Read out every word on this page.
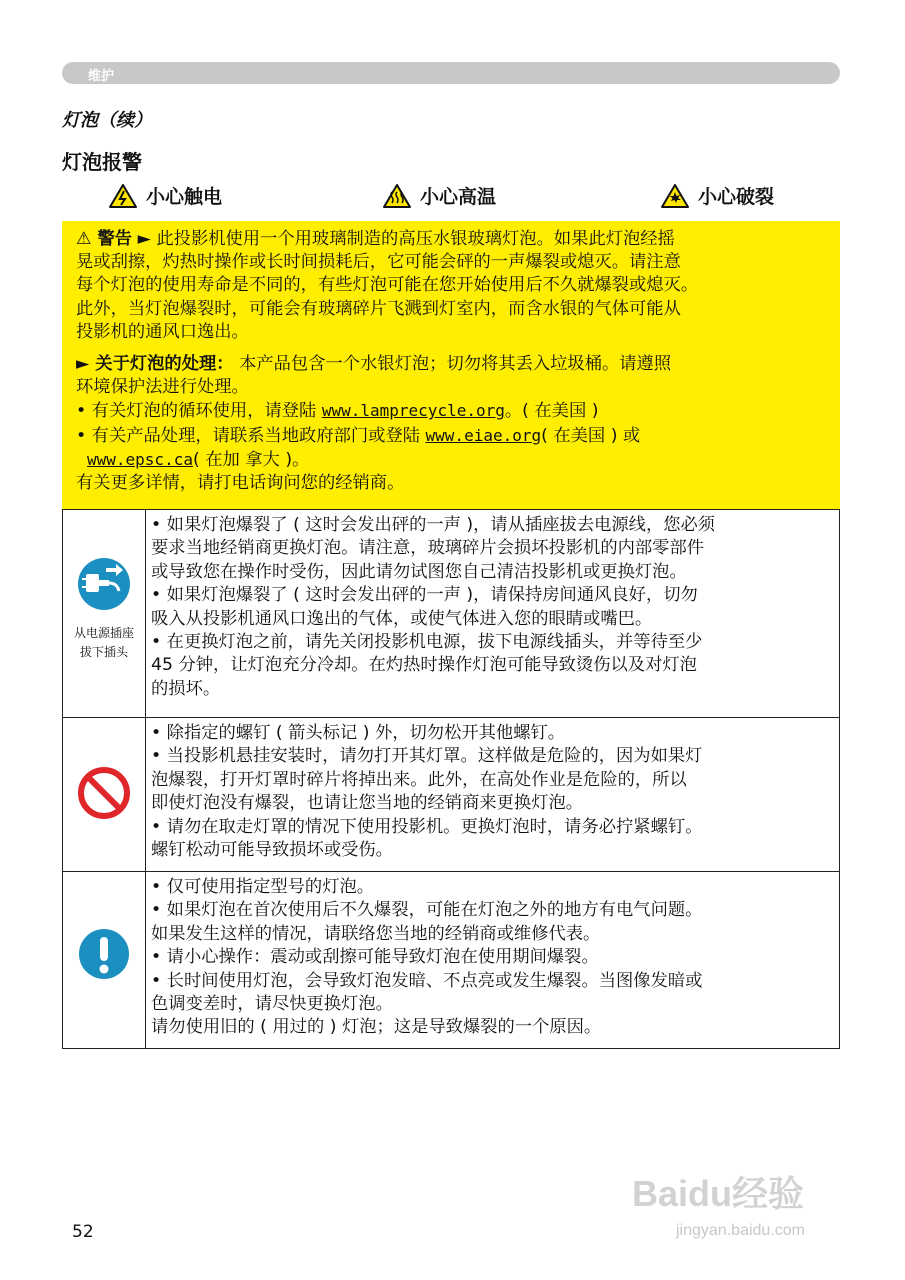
维护
灯泡（续）
灯泡报警
小心触电	小心高温	小心破裂

⚠ 警告 ► 此投影机使用一个用玻璃制造的高压水银玻璃灯泡。如果此灯泡经摇
晃或刮擦，灼热时操作或长时间损耗后，它可能会砰的一声爆裂或熄灭。请注意
每个灯泡的使用寿命是不同的，有些灯泡可能在您开始使用后不久就爆裂或熄灭。
此外，当灯泡爆裂时，可能会有玻璃碎片飞溅到灯室内，而含水银的气体可能从
投影机的通风口逸出。

► 关于灯泡的处理： 本产品包含一个水银灯泡；切勿将其丢入垃圾桶。请遵照
环境保护法进行处理。
• 有关灯泡的循环使用，请登陆 www.lamprecycle.org。( 在美国 )
• 有关产品处理，请联系当地政府部门或登陆 www.eiae.org( 在美国 ) 或
www.epsc.ca( 在加 拿大 )。
有关更多详情，请打电话询问您的经销商。

从电源插座
拔下插头

• 如果灯泡爆裂了 ( 这时会发出砰的一声 )，请从插座拔去电源线，您必须

要求当地经销商更换灯泡。请注意，玻璃碎片会损坏投影机的内部零部件

或导致您在操作时受伤，因此请勿试图您自己清洁投影机或更换灯泡。

• 如果灯泡爆裂了 ( 这时会发出砰的一声 )，请保持房间通风良好，切勿

吸入从投影机通风口逸出的气体，或使气体进入您的眼睛或嘴巴。

• 在更换灯泡之前，请先关闭投影机电源，拔下电源线插头，并等待至少

45 分钟，让灯泡充分冷却。在灼热时操作灯泡可能导致烫伤以及对灯泡

的损坏。

• 除指定的螺钉 ( 箭头标记 ) 外，切勿松开其他螺钉。

• 当投影机悬挂安装时，请勿打开其灯罩。这样做是危险的，因为如果灯

泡爆裂，打开灯罩时碎片将掉出来。此外，在高处作业是危险的，所以

即使灯泡没有爆裂，也请让您当地的经销商来更换灯泡。

• 请勿在取走灯罩的情况下使用投影机。更换灯泡时，请务必拧紧螺钉。

螺钉松动可能导致损坏或受伤。

• 仅可使用指定型号的灯泡。

• 如果灯泡在首次使用后不久爆裂，可能在灯泡之外的地方有电气问题。

如果发生这样的情况，请联络您当地的经销商或维修代表。

• 请小心操作：震动或刮擦可能导致灯泡在使用期间爆裂。

• 长时间使用灯泡，会导致灯泡发暗、不点亮或发生爆裂。当图像发暗或

色调变差时，请尽快更换灯泡。

请勿使用旧的 ( 用过的 ) 灯泡；这是导致爆裂的一个原因。

52
Baidu经验
jingyan.baidu.com
